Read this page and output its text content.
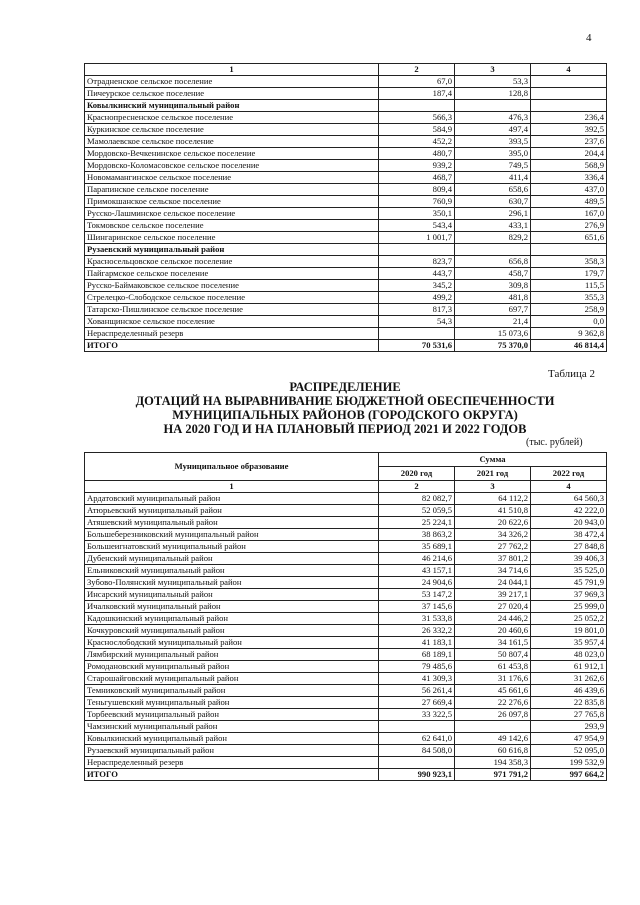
4
1	2	3	4
Отрадненское сельское поселение	67,0	53,3	
Пичеурское сельское поселение	187,4	128,8	
Ковылкинский муниципальный район			
Краснопресненское сельское поселение	566,3	476,3	236,4
Куркинское сельское поселение	584,9	497,4	392,5
Мамолаевское сельское поселение	452,2	393,5	237,6
Мордовско-Вечкенинское сельское поселение	480,7	395,0	204,4
Мордовско-Коломасовское сельское поселение	939,2	749,5	568,9
Новомамангинское сельское поселение	468,7	411,4	336,4
Парапинское сельское поселение	809,4	658,6	437,0
Примокшанское сельское поселение	760,9	630,7	489,5
Русско-Лашминское сельское поселение	350,1	296,1	167,0
Токмовское сельское поселение	543,4	433,1	276,9
Шингаринское сельское поселение	1 001,7	829,2	651,6
Рузаевский муниципальный район			
Красносельцовское сельское поселение	823,7	656,8	358,3
Пайгармское сельское поселение	443,7	458,7	179,7
Русско-Баймаковское сельское поселение	345,2	309,8	115,5
Стрелецко-Слободское сельское поселение	499,2	481,8	355,3
Татарско-Пишлинское сельское поселение	817,3	697,7	258,9
Хованщинское сельское поселение	54,3	21,4	0,0
Нераспределенный резерв		15 073,6	9 362,8
ИТОГО	70 531,6	75 370,0	46 814,4
Таблица 2
РАСПРЕДЕЛЕНИЕ
ДОТАЦИЙ НА ВЫРАВНИВАНИЕ БЮДЖЕТНОЙ ОБЕСПЕЧЕННОСТИ
МУНИЦИПАЛЬНЫХ РАЙОНОВ (ГОРОДСКОГО ОКРУГА)
НА 2020 ГОД И НА ПЛАНОВЫЙ ПЕРИОД 2021 И 2022 ГОДОВ
(тыс. рублей)
Муниципальное образование	Сумма		
	2020 год	2021 год	2022 год
1	2	3	4
Ардатовский муниципальный район	82 082,7	64 112,2	64 560,3
Атюрьевский муниципальный район	52 059,5	41 510,8	42 222,0
Атяшевский муниципальный район	25 224,1	20 622,6	20 943,0
Большеберезниковский муниципальный район	38 863,2	34 326,2	38 472,4
Большеигнатовский муниципальный район	35 689,1	27 762,2	27 848,8
Дубенский муниципальный район	46 214,6	37 801,2	39 406,3
Ельниковский муниципальный район	43 157,1	34 714,6	35 525,0
Зубово-Полянский муниципальный район	24 904,6	24 044,1	45 791,9
Инсарский муниципальный район	53 147,2	39 217,1	37 969,3
Ичалковский муниципальный район	37 145,6	27 020,4	25 999,0
Кадошкинский муниципальный район	31 533,8	24 446,2	25 052,2
Кочкуровский муниципальный район	26 332,2	20 460,6	19 801,0
Краснослободский муниципальный район	41 183,1	34 161,5	35 957,4
Лямбирский муниципальный район	68 189,1	50 807,4	48 023,0
Ромодановский муниципальный район	79 485,6	61 453,8	61 912,1
Старошайговский муниципальный район	41 309,3	31 176,6	31 262,6
Темниковский муниципальный район	56 261,4	45 661,6	46 439,6
Теньгушевский муниципальный район	27 669,4	22 276,6	22 835,8
Торбеевский муниципальный район	33 322,5	26 097,8	27 765,8
Чамзинский муниципальный район			293,9
Ковылкинский муниципальный район	62 641,0	49 142,6	47 954,9
Рузаевский муниципальный район	84 508,0	60 616,8	52 095,0
Нераспределенный резерв		194 358,3	199 532,9
ИТОГО	990 923,1	971 791,2	997 664,2
